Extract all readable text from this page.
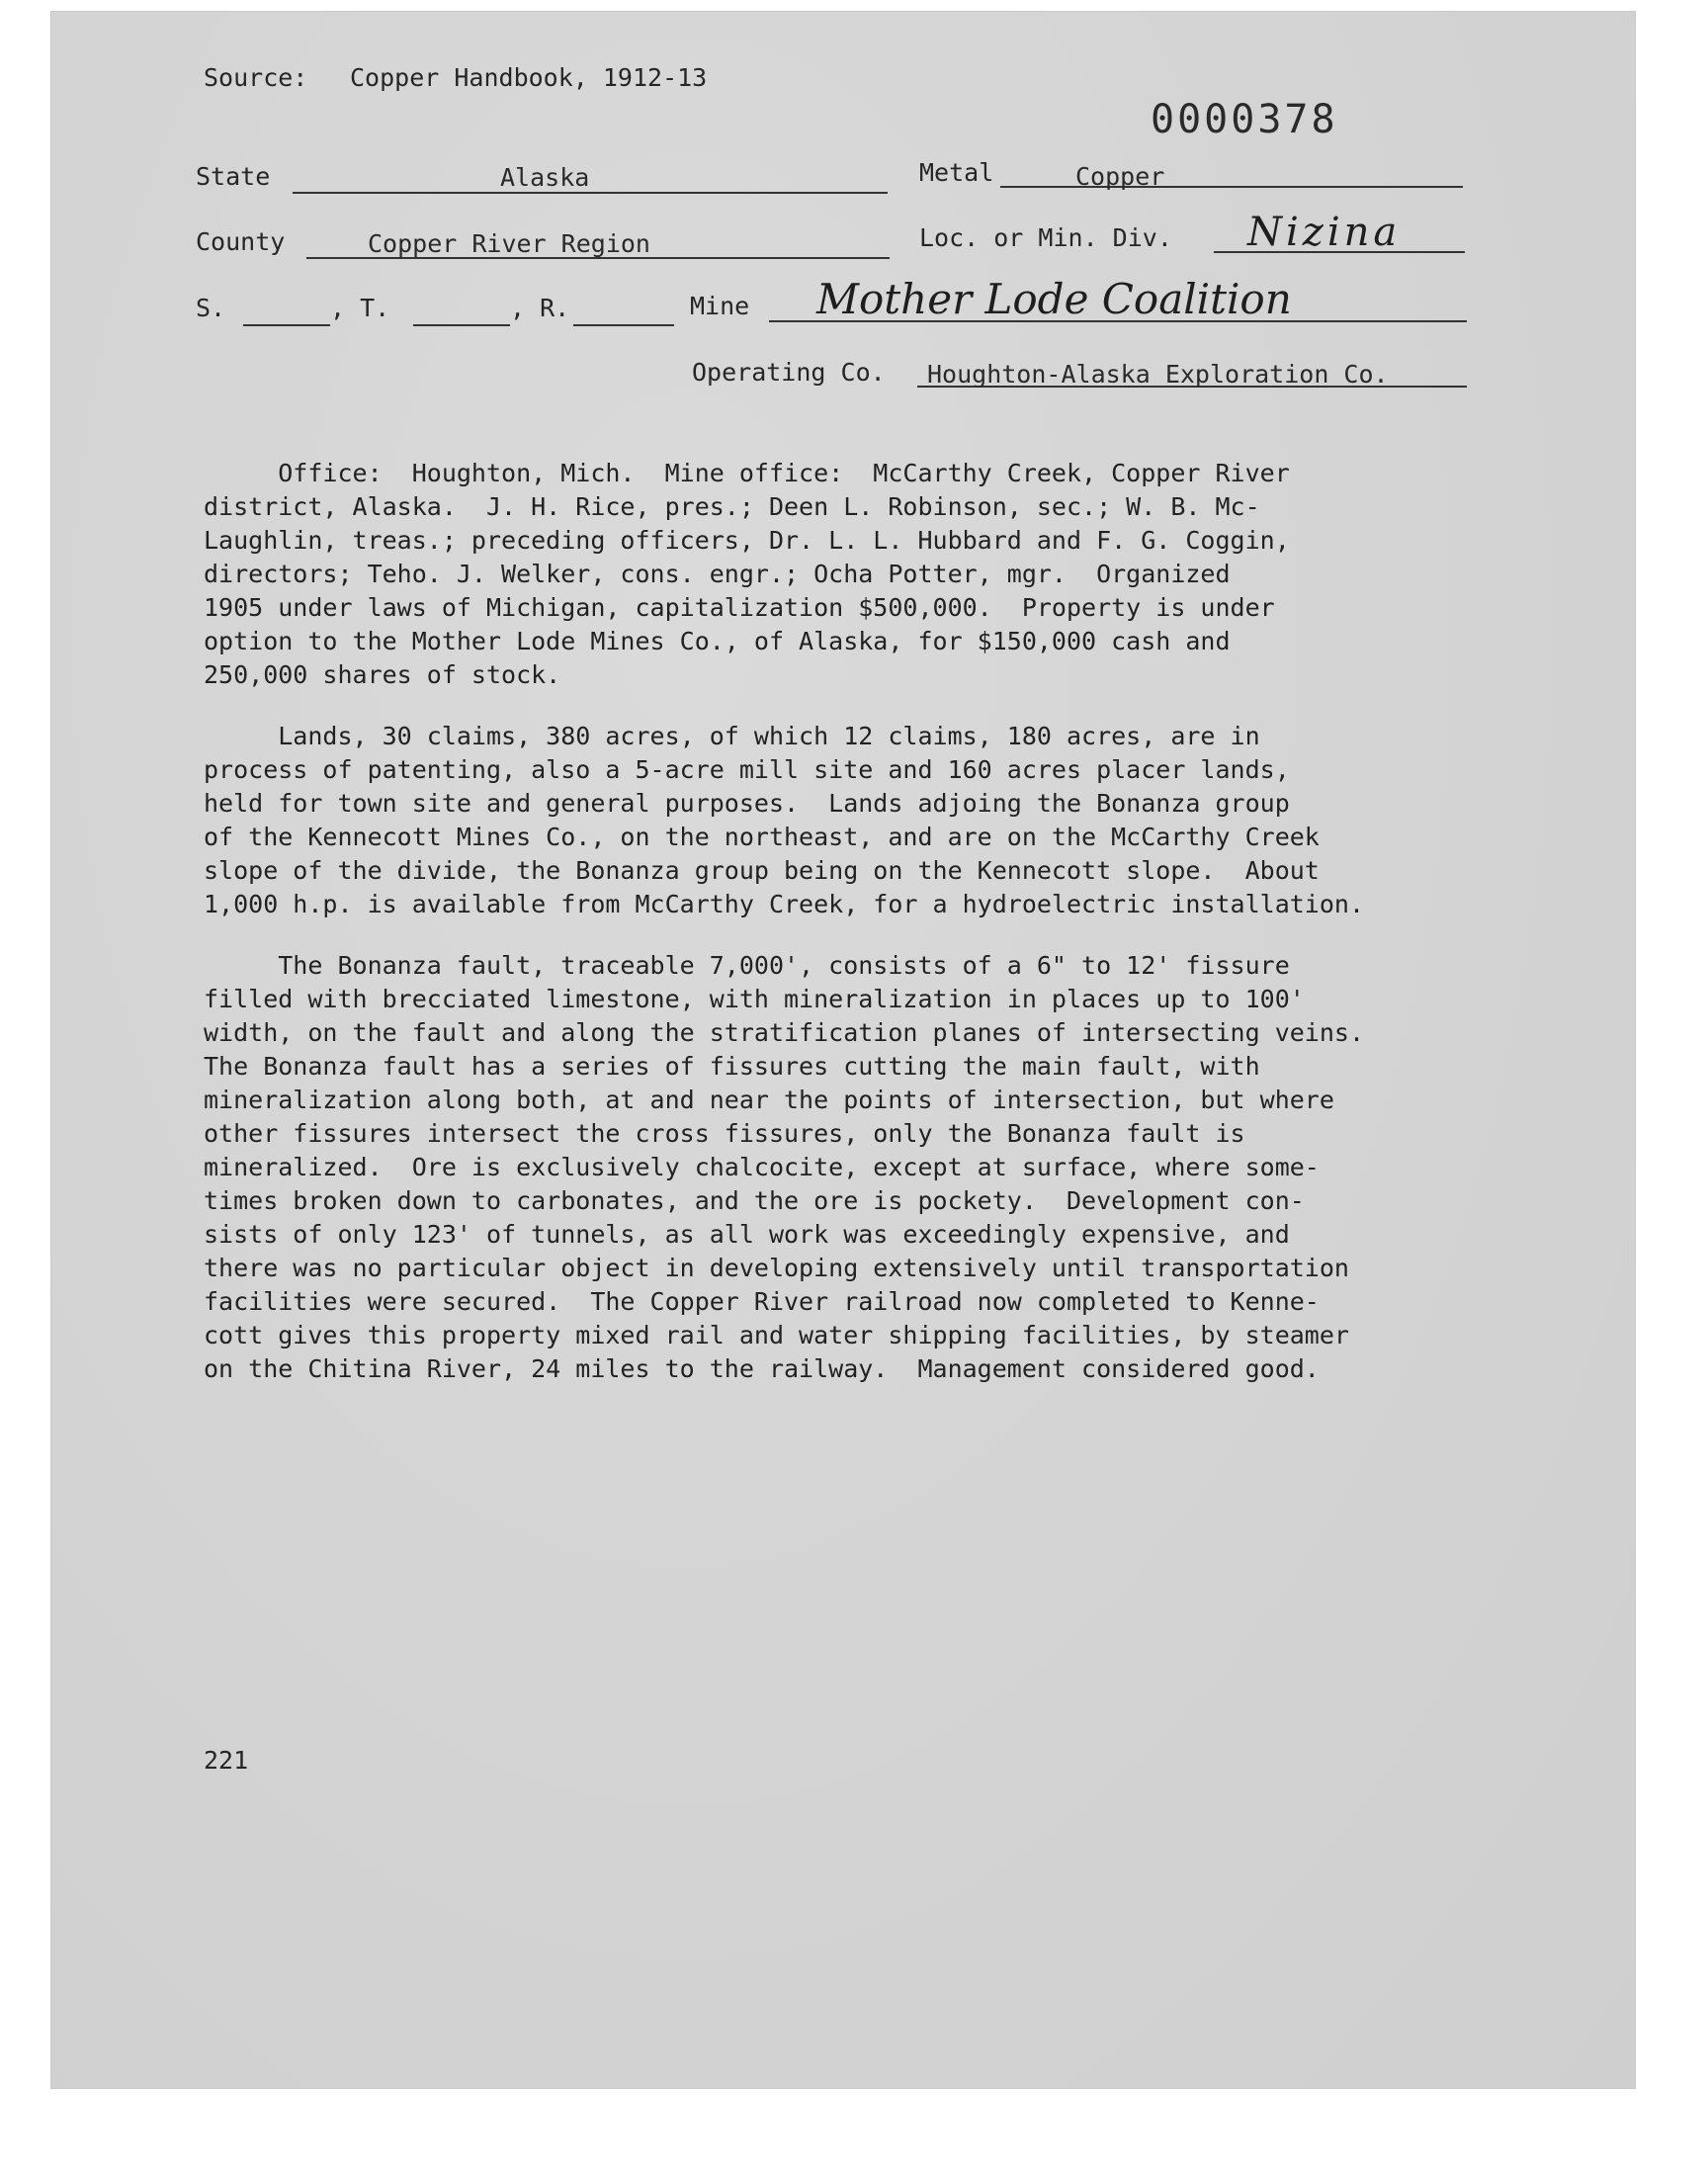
Source: Copper Handbook, 1912-13
0000378
State	Alaska	Metal	Copper
County	Copper River Region	Loc. or Min. Div. Nizina
S.	, T.	, R.	Mine Mother Lode Coalition
Operating Co. Houghton-Alaska Exploration Co.
Office:  Houghton, Mich.  Mine office:  McCarthy Creek, Copper River
district, Alaska.  J. H. Rice, pres.; Deen L. Robinson, sec.; W. B. Mc-
Laughlin, treas.; preceding officers, Dr. L. L. Hubbard and F. G. Coggin,
directors; Teho. J. Welker, cons. engr.; Ocha Potter, mgr.  Organized
1905 under laws of Michigan, capitalization $500,000.  Property is under
option to the Mother Lode Mines Co., of Alaska, for $150,000 cash and
250,000 shares of stock.
Lands, 30 claims, 380 acres, of which 12 claims, 180 acres, are in
process of patenting, also a 5-acre mill site and 160 acres placer lands,
held for town site and general purposes.  Lands adjoing the Bonanza group
of the Kennecott Mines Co., on the northeast, and are on the McCarthy Creek
slope of the divide, the Bonanza group being on the Kennecott slope.  About
1,000 h.p. is available from McCarthy Creek, for a hydroelectric installation.
The Bonanza fault, traceable 7,000', consists of a 6" to 12' fissure
filled with brecciated limestone, with mineralization in places up to 100'
width, on the fault and along the stratification planes of intersecting veins.
The Bonanza fault has a series of fissures cutting the main fault, with
mineralization along both, at and near the points of intersection, but where
other fissures intersect the cross fissures, only the Bonanza fault is
mineralized.  Ore is exclusively chalcocite, except at surface, where some-
times broken down to carbonates, and the ore is pockety.  Development con-
sists of only 123' of tunnels, as all work was exceedingly expensive, and
there was no particular object in developing extensively until transportation
facilities were secured.  The Copper River railroad now completed to Kenne-
cott gives this property mixed rail and water shipping facilities, by steamer
on the Chitina River, 24 miles to the railway.  Management considered good.
221
